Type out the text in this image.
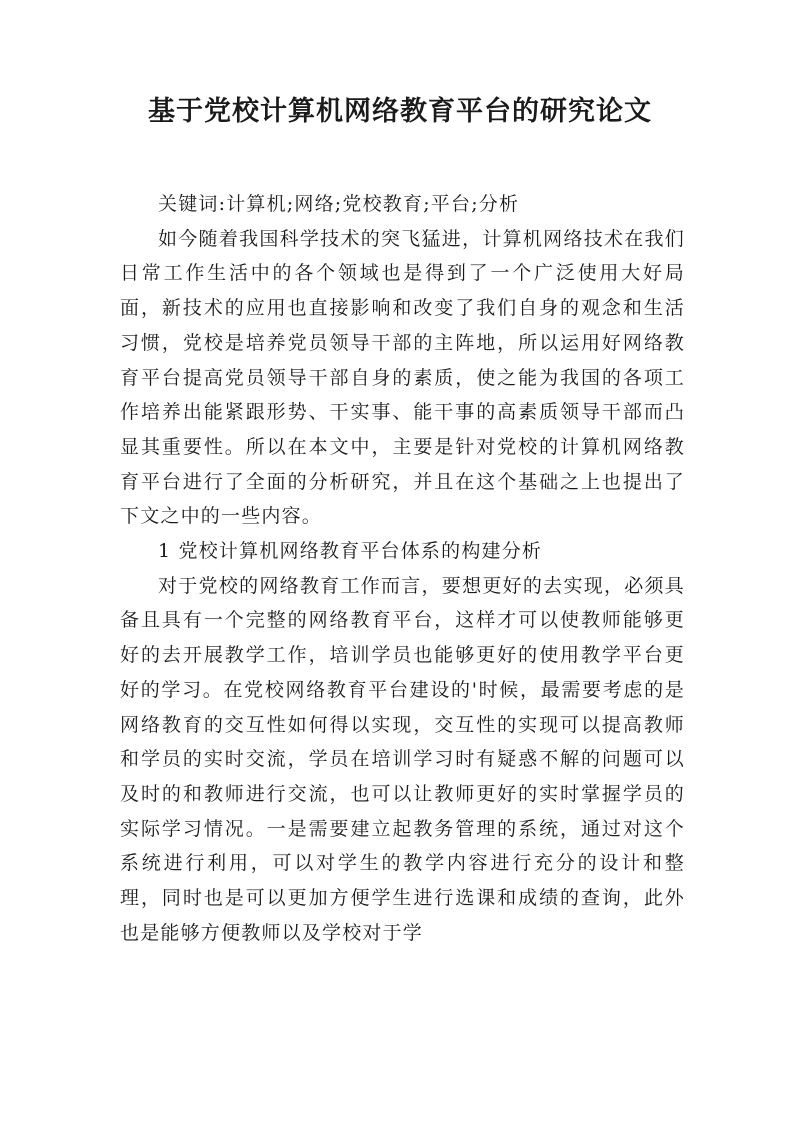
基于党校计算机网络教育平台的研究论文

关键词:计算机;网络;党校教育;平台;分析

如今随着我国科学技术的突飞猛进，计算机网络技术在我们日常工作生活中的各个领域也是得到了一个广泛使用大好局面，新技术的应用也直接影响和改变了我们自身的观念和生活习惯，党校是培养党员领导干部的主阵地，所以运用好网络教育平台提高党员领导干部自身的素质，使之能为我国的各项工作培养出能紧跟形势、干实事、能干事的高素质领导干部而凸显其重要性。所以在本文中，主要是针对党校的计算机网络教育平台进行了全面的分析研究，并且在这个基础之上也提出了下文之中的一些内容。

1 党校计算机网络教育平台体系的构建分析

对于党校的网络教育工作而言，要想更好的去实现，必须具备且具有一个完整的网络教育平台，这样才可以使教师能够更好的去开展教学工作，培训学员也能够更好的使用教学平台更好的学习。在党校网络教育平台建设的'时候，最需要考虑的是网络教育的交互性如何得以实现，交互性的实现可以提高教师和学员的实时交流，学员在培训学习时有疑惑不解的问题可以及时的和教师进行交流，也可以让教师更好的实时掌握学员的实际学习情况。一是需要建立起教务管理的系统，通过对这个系统进行利用，可以对学生的教学内容进行充分的设计和整理，同时也是可以更加方便学生进行选课和成绩的查询，此外也是能够方便教师以及学校对于学
